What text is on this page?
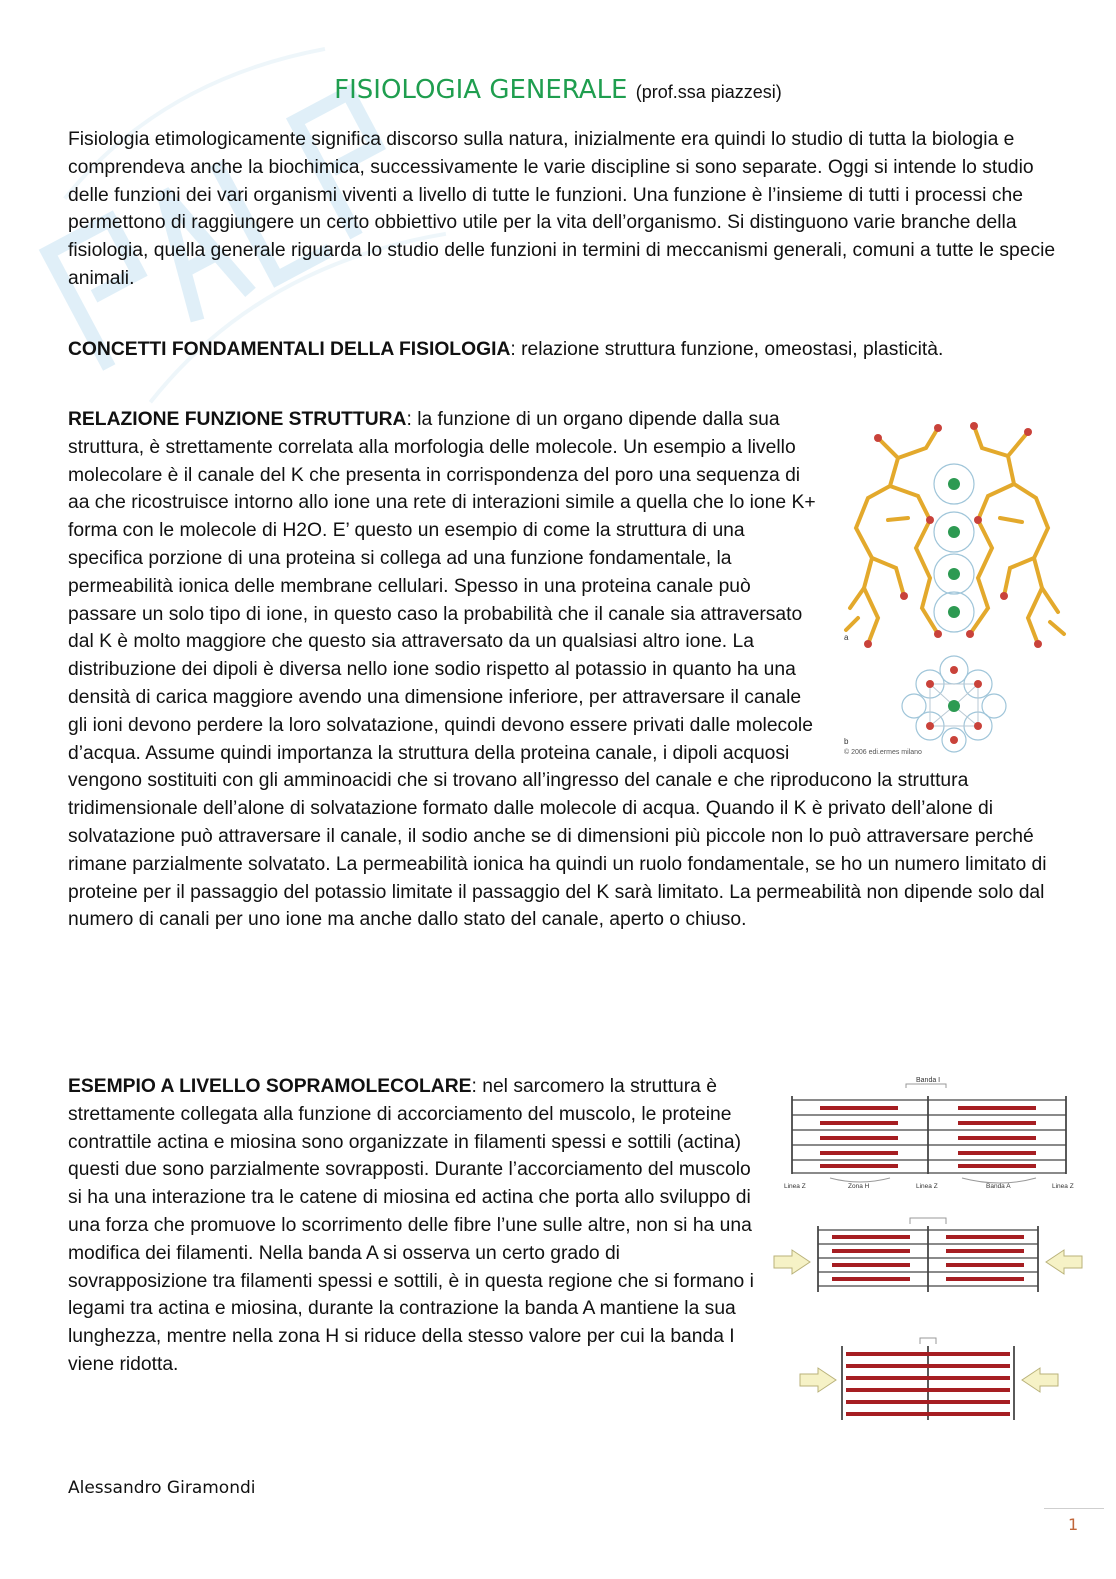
FISIOLOGIA GENERALE (prof.ssa piazzesi)

Fisiologia etimologicamente significa discorso sulla natura, inizialmente era quindi lo studio di tutta la biologia e comprendeva anche la biochimica, successivamente le varie discipline si sono separate. Oggi si intende lo studio delle funzioni dei vari organismi viventi a livello di tutte le funzioni. Una funzione è l’insieme di tutti i processi che permettono di raggiungere un certo obbiettivo utile per la vita dell’organismo. Si distinguono varie branche della fisiologia, quella generale riguarda lo studio delle funzioni in termini di meccanismi generali, comuni a tutte le specie animali.

CONCETTI FONDAMENTALI DELLA FISIOLOGIA: relazione struttura funzione, omeostasi, plasticità.

RELAZIONE FUNZIONE STRUTTURA: la funzione di un organo dipende dalla sua struttura, è strettamente correlata alla morfologia delle molecole. Un esempio a livello molecolare è il canale del K che presenta in corrispondenza del poro una sequenza di aa che ricostruisce intorno allo ione una rete di interazioni simile a quella che lo ione K+ forma con le molecole di H2O. E’ questo un esempio di come la struttura di una specifica porzione di una proteina si collega ad una funzione fondamentale, la permeabilità ionica delle membrane cellulari. Spesso in una proteina canale può passare un solo tipo di ione, in questo caso la probabilità che il canale sia attraversato dal K è molto maggiore che questo sia attraversato da un qualsiasi altro ione. La distribuzione dei dipoli è diversa nello ione sodio rispetto al potassio in quanto ha una densità di carica maggiore avendo una dimensione inferiore, per attraversare il canale gli ioni devono perdere la loro solvatazione, quindi devono essere privati dalle molecole d’acqua. Assume quindi importanza la struttura della proteina canale, i dipoli acquosi vengono sostituiti con gli amminoacidi che si trovano all’ingresso del canale e che riproducono la struttura tridimensionale dell’alone di solvatazione formato dalle molecole di acqua. Quando il K è privato dell’alone di solvatazione può attraversare il canale, il sodio anche se di dimensioni più piccole non lo può attraversare perché rimane parzialmente solvatato. La permeabilità ionica ha quindi un ruolo fondamentale, se ho un numero limitato di proteine per il passaggio del potassio limitate il passaggio del K sarà limitato. La permeabilità non dipende solo dal numero di canali per uno ione ma anche dallo stato del canale, aperto o chiuso.

a
b
© 2006 edi.ermes milano

ESEMPIO A LIVELLO SOPRAMOLECOLARE: nel sarcomero la struttura è strettamente collegata alla funzione di accorciamento del muscolo, le proteine contrattile actina e miosina sono organizzate in filamenti spessi e sottili (actina) questi due sono parzialmente sovrapposti. Durante l’accorciamento del muscolo si ha una interazione tra le catene di miosina ed actina che porta allo sviluppo di una forza che promuove lo scorrimento delle fibre l’une sulle altre, non si ha una modifica dei filamenti. Nella banda A si osserva un certo grado di sovrapposizione tra filamenti spessi e sottili, è in questa regione che si formano i legami tra actina e miosina, durante la contrazione la banda A mantiene la sua lunghezza, mentre nella zona H si riduce della stesso valore per cui la banda I viene ridotta.

Banda I
Linea Z	Zona H	Linea Z	Banda A	Linea Z
Alessandro Giramondi
1
